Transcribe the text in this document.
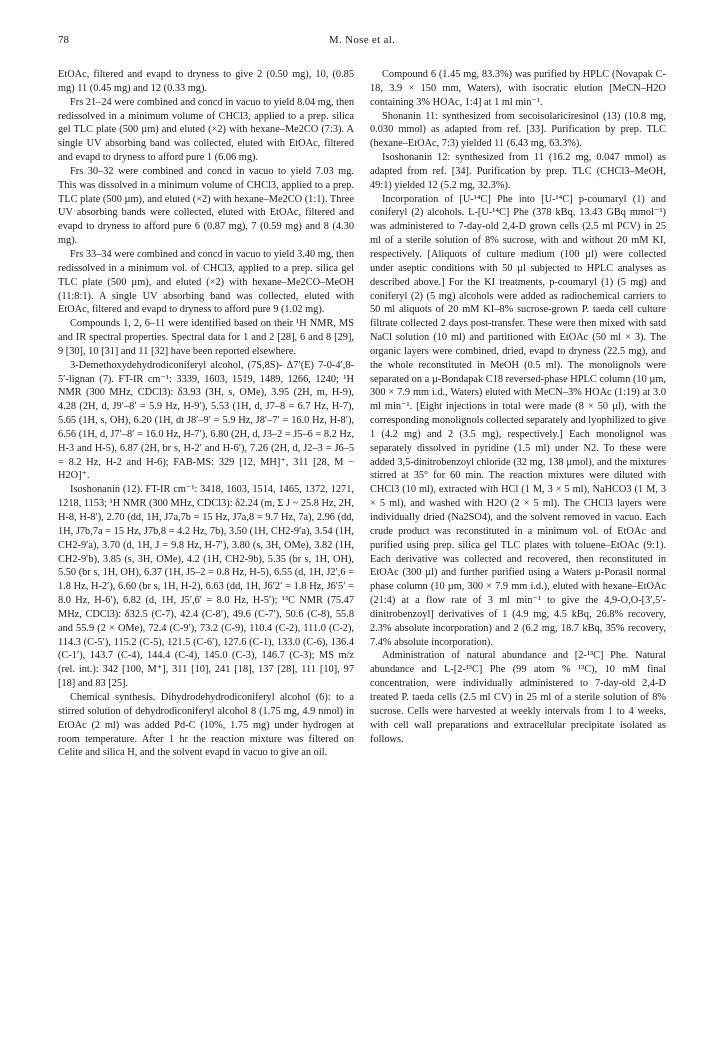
78	M. Nose et al.

EtOAc, filtered and evapd to dryness to give 2 (0.50 mg), 10, (0.85 mg) 11 (0.45 mg) and 12 (0.33 mg).

Frs 21–24 were combined and concd in vacuo to yield 8.04 mg, then redissolved in a minimum volume of CHCl3, applied to a prep. silica gel TLC plate (500 µm) and eluted (×2) with hexane–Me2CO (7:3). A single UV absorbing band was collected, eluted with EtOAc, filtered and evapd to dryness to afford pure 1 (6.06 mg).

Frs 30–32 were combined and concd in vacuo to yield 7.03 mg. This was dissolved in a minimum volume of CHCl3, applied to a prep. TLC plate (500 µm), and eluted (×2) with hexane–Me2CO (1:1). Three UV absorbing bands were collected, eluted with EtOAc, filtered and evapd to dryness to afford pure 6 (0.87 mg), 7 (0.59 mg) and 8 (4.30 mg).

Frs 33–34 were combined and concd in vacuo to yield 3.40 mg, then redissolved in a minimum vol. of CHCl3, applied to a prep. silica gel TLC plate (500 µm), and eluted (×2) with hexane–Me2CO–MeOH (11:8:1). A single UV absorbing band was collected, eluted with EtOAc, filtered and evapd to dryness to afford pure 9 (1.02 mg).

Compounds 1, 2, 6–11 were identified based on their ¹H NMR, MS and IR spectral properties. Spectral data for 1 and 2 [28], 6 and 8 [29], 9 [30], 10 [31] and 11 [32] have been reported elsewhere.

3-Demethoxydehydrodiconiferyl alcohol, (7S,8S)- Δ7′(E) 7-0-4′,8-5′-lignan (7). FT-IR cm⁻¹: 3339, 1603, 1519, 1489, 1266, 1240; ¹H NMR (300 MHz, CDCl3): δ3.93 (3H, s, OMe), 3.95 (2H, m, H-9), 4.28 (2H, d, J9′–8′ = 5.9 Hz, H-9′), 5.53 (1H, d, J7–8 = 6.7 Hz, H-7), 5.65 (1H, s, OH), 6.20 (1H, dt J8′–9′ = 5.9 Hz, J8′–7′ = 16.0 Hz, H-8′), 6.56 (1H, d, J7′–8′ = 16.0 Hz, H-7′), 6.80 (2H, d, J3–2 = J5–6 = 8.2 Hz, H-3 and H-5), 6.87 (2H, br s, H-2′ and H-6′), 7.26 (2H, d, J2–3 = J6–5 = 8.2 Hz, H-2 and H-6); FAB-MS: 329 [12, MH]⁺, 311 [28, M − H2O]⁺.

Isoshonanin (12). FT-IR cm⁻¹: 3418, 1603, 1514, 1465, 1372, 1271, 1218, 1153; ¹H NMR (300 MHz, CDCl3): δ2.24 (m, Σ J ~ 25.8 Hz, 2H, H-8, H-8′), 2.70 (dd, 1H, J7a,7b = 15 Hz, J7a,8 = 9.7 Hz, 7a), 2.96 (dd, 1H, J7b,7a = 15 Hz, J7b,8 = 4.2 Hz, 7b), 3.50 (1H, CH2-9′a), 3.54 (1H, CH2-9′a), 3.70 (d, 1H, J = 9.8 Hz, H-7′), 3.80 (s, 3H, OMe), 3.82 (1H, CH2-9′b), 3.85 (s, 3H, OMe), 4.2 (1H, CH2-9b), 5.35 (br s, 1H, OH), 5.50 (br s, 1H, OH), 6.37 (1H, J5–2 = 0.8 Hz, H-5), 6.55 (d, 1H, J2′,6 = 1.8 Hz, H-2′), 6.60 (br s, 1H, H-2), 6.63 (dd, 1H, J6′2′ = 1.8 Hz, J6′5′ = 8.0 Hz, H-6′), 6.82 (d, 1H, J5′,6′ = 8.0 Hz, H-5′); ¹³C NMR (75.47 MHz, CDCl3): δ32.5 (C-7), 42.4 (C-8′), 49.6 (C-7′), 50.6 (C-8), 55.8 and 55.9 (2 × OMe), 72.4 (C-9′), 73.2 (C-9), 110.4 (C-2), 111.0 (C-2), 114.3 (C-5′), 115.2 (C-5), 121.5 (C-6′), 127.6 (C-1), 133.0 (C-6), 136.4 (C-1′), 143.7 (C-4), 144.4 (C-4), 145.0 (C-3), 146.7 (C-3); MS m/z (rel. int.): 342 [100, M⁺], 311 [10], 241 [18], 137 [28], 111 [10], 97 [18] and 83 [25].

Chemical synthesis. Dihydrodehydrodiconiferyl alcohol (6): to a stirred solution of dehydrodiconiferyl alcohol 8 (1.75 mg, 4.9 nmol) in EtOAc (2 ml) was added Pd-C (10%, 1.75 mg) under hydrogen at room temperature. After 1 hr the reaction mixture was filtered on Celite and silica H, and the solvent evapd in vacuo to give an oil.

Compound 6 (1.45 mg, 83.3%) was purified by HPLC (Novapak C-18, 3.9 × 150 mm, Waters), with isocratic elution [MeCN–H2O containing 3% HOAc, 1:4] at 1 ml min⁻¹.

Shonanin 11: synthesized from secoisolariciresinol (13) (10.8 mg, 0.030 mmol) as adapted from ref. [33]. Purification by prep. TLC (hexane–EtOAc, 7:3) yielded 11 (6.43 mg, 63.3%).

Isoshonanin 12: synthesized from 11 (16.2 mg, 0.047 mmol) as adapted from ref. [34]. Purification by prep. TLC (CHCl3–MeOH, 49:1) yielded 12 (5.2 mg, 32.3%).

Incorporation of [U-¹⁴C] Phe into [U-¹⁴C] p-coumaryl (1) and coniferyl (2) alcohols. L-[U-¹⁴C] Phe (378 kBq, 13.43 GBq mmol⁻¹) was administered to 7-day-old 2,4-D grown cells (2.5 ml PCV) in 25 ml of a sterile solution of 8% sucrose, with and without 20 mM KI, respectively. [Aliquots of culture medium (100 µl) were collected under aseptic conditions with 50 µl subjected to HPLC analyses as described above.] For the KI treatments, p-coumaryl (1) (5 mg) and coniferyl (2) (5 mg) alcohols were added as radiochemical carriers to 50 ml aliquots of 20 mM KI–8% sucrose-grown P. taeda cell culture filtrate collected 2 days post-transfer. These were then mixed with satd NaCl solution (10 ml) and partitioned with EtOAc (50 ml × 3). The organic layers were combined, dried, evapd to dryness (22.5 mg), and the whole reconstituted in MeOH (0.5 ml). The monolignols were separated on a µ-Bondapak C18 reversed-phase HPLC column (10 µm, 300 × 7.9 mm i.d., Waters) eluted with MeCN–3% HOAc (1:19) at 3.0 ml min⁻¹. [Eight injections in total were made (8 × 50 µl), with the corresponding monolignols collected separately and lyophilized to give 1 (4.2 mg) and 2 (3.5 mg), respectively.] Each monolignol was separately dissolved in pyridine (1.5 ml) under N2. To these were added 3,5-dinitrobenzoyl chloride (32 mg, 138 µmol), and the mixtures stirred at 35° for 60 min. The reaction mixtures were diluted with CHCl3 (10 ml), extracted with HCl (1 M, 3 × 5 ml), NaHCO3 (1 M, 3 × 5 ml), and washed with H2O (2 × 5 ml). The CHCl3 layers were individually dried (Na2SO4), and the solvent removed in vacuo. Each crude product was reconstituted in a minimum vol. of EtOAc and purified using prep. silica gel TLC plates with toluene–EtOAc (9:1). Each derivative was collected and recovered, then reconstituted in EtOAc (300 µl) and further purified using a Waters µ-Porasil normal phase column (10 µm, 300 × 7.9 mm i.d.), eluted with hexane–EtOAc (21:4) at a flow rate of 3 ml min⁻¹ to give the 4,9-O,O-[3′,5′-dinitrobenzoyl] derivatives of 1 (4.9 mg, 4.5 kBq, 26.8% recovery, 2.3% absolute incorporation) and 2 (6.2 mg, 18.7 kBq, 35% recovery, 7.4% absolute incorporation).

Administration of natural abundance and [2-¹³C] Phe. Natural abundance and L-[2-¹³C] Phe (99 atom % ¹³C), 10 mM final concentration, were individually administered to 7-day-old 2,4-D treated P. taeda cells (2.5 ml CV) in 25 ml of a sterile solution of 8% sucrose. Cells were harvested at weekly intervals from 1 to 4 weeks, with cell wall preparations and extracellular precipitate isolated as follows.
